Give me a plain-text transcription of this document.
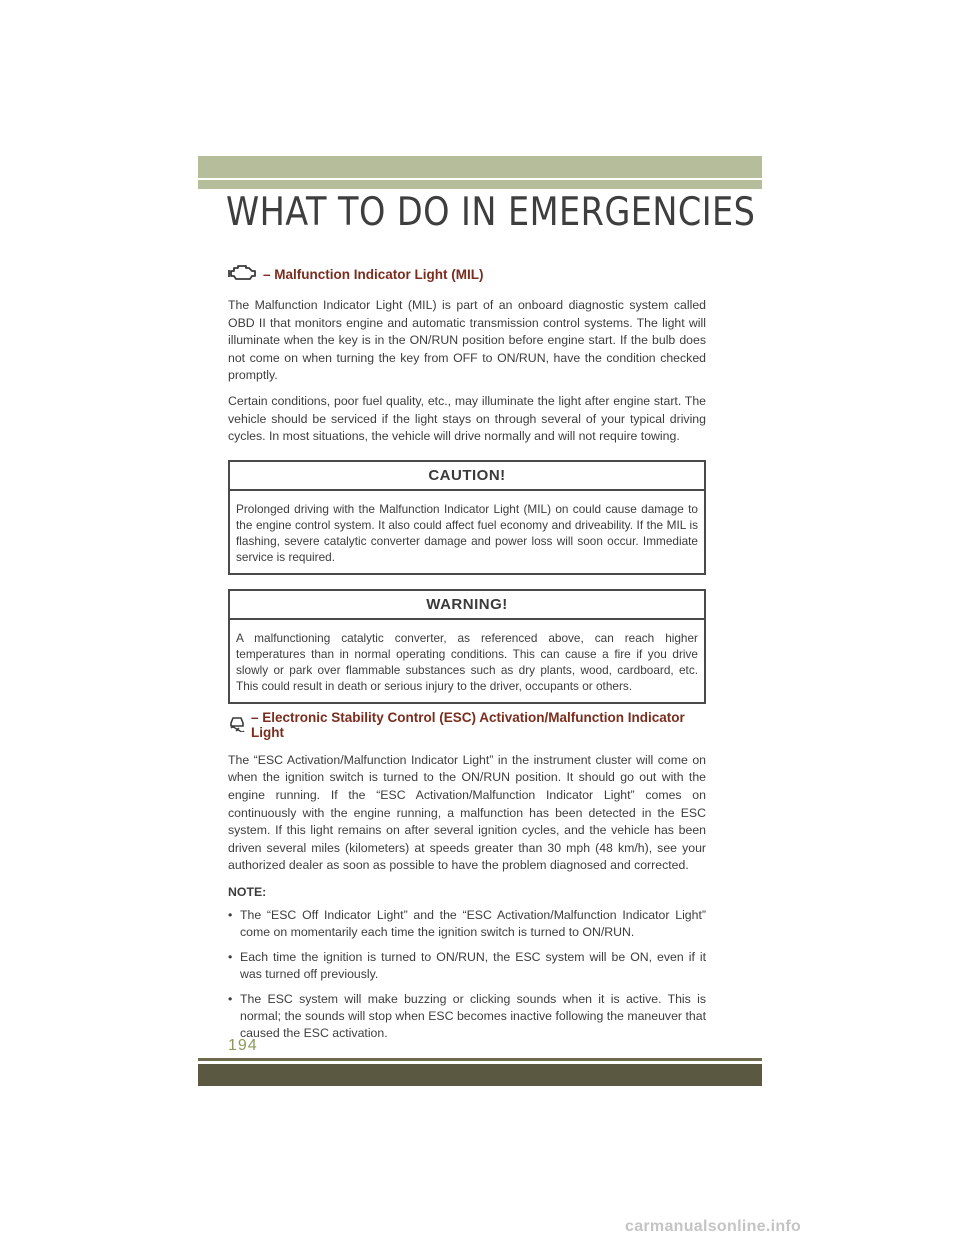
WHAT TO DO IN EMERGENCIES
– Malfunction Indicator Light (MIL)

The Malfunction Indicator Light (MIL) is part of an onboard diagnostic system called OBD II that monitors engine and automatic transmission control systems. The light will illuminate when the key is in the ON/RUN position before engine start. If the bulb does not come on when turning the key from OFF to ON/RUN, have the condition checked promptly.

Certain conditions, poor fuel quality, etc., may illuminate the light after engine start. The vehicle should be serviced if the light stays on through several of your typical driving cycles. In most situations, the vehicle will drive normally and will not require towing.

CAUTION!
Prolonged driving with the Malfunction Indicator Light (MIL) on could cause damage to the engine control system. It also could affect fuel economy and driveability. If the MIL is flashing, severe catalytic converter damage and power loss will soon occur. Immediate service is required.
WARNING!
A malfunctioning catalytic converter, as referenced above, can reach higher temperatures than in normal operating conditions. This can cause a fire if you drive slowly or park over flammable substances such as dry plants, wood, cardboard, etc. This could result in death or serious injury to the driver, occupants or others.
– Electronic Stability Control (ESC) Activation/Malfunction Indicator Light

The “ESC Activation/Malfunction Indicator Light” in the instrument cluster will come on when the ignition switch is turned to the ON/RUN position. It should go out with the engine running. If the “ESC Activation/Malfunction Indicator Light” comes on continuously with the engine running, a malfunction has been detected in the ESC system. If this light remains on after several ignition cycles, and the vehicle has been driven several miles (kilometers) at speeds greater than 30 mph (48 km/h), see your authorized dealer as soon as possible to have the problem diagnosed and corrected.

NOTE:
• The “ESC Off Indicator Light” and the “ESC Activation/Malfunction Indicator Light” come on momentarily each time the ignition switch is turned to ON/RUN.
• Each time the ignition is turned to ON/RUN, the ESC system will be ON, even if it was turned off previously.
• The ESC system will make buzzing or clicking sounds when it is active. This is normal; the sounds will stop when ESC becomes inactive following the maneuver that caused the ESC activation.
194
carmanualsonline.info
